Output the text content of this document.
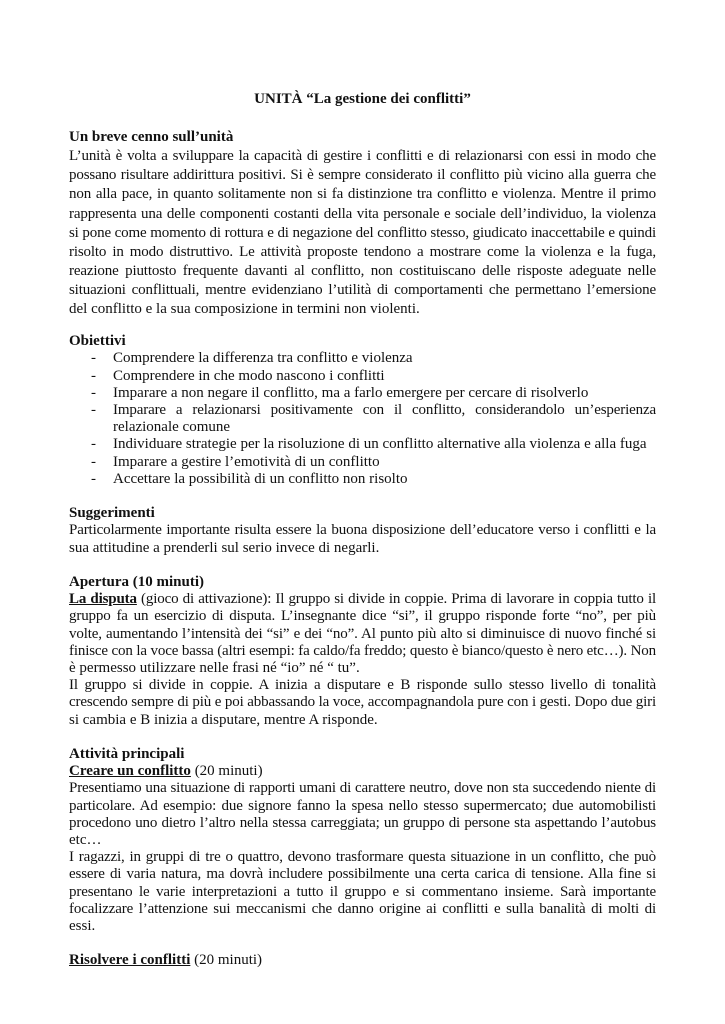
UNITÀ “La gestione dei conflitti”
Un breve cenno sull’unità
L’unità è volta a sviluppare la capacità di gestire i conflitti e di relazionarsi con essi in modo che
possano risultare addirittura positivi. Si è sempre considerato il conflitto più vicino alla guerra che
non alla pace, in quanto solitamente non si fa distinzione tra conflitto e violenza. Mentre il primo
rappresenta una delle componenti costanti della vita personale e sociale dell’individuo, la violenza
si pone come momento di rottura e di negazione del conflitto stesso, giudicato inaccettabile e quindi
risolto in modo distruttivo. Le attività proposte tendono a mostrare come la violenza e la fuga,
reazione piuttosto frequente davanti al conflitto, non costituiscano delle risposte adeguate nelle
situazioni conflittuali, mentre evidenziano l’utilità di comportamenti che permettano l’emersione
del conflitto e la sua composizione in termini non violenti.
Obiettivi
- Comprendere la differenza tra conflitto e violenza
- Comprendere in che modo nascono i conflitti
- Imparare a non negare il conflitto, ma a farlo emergere per cercare di risolverlo
- Imparare a relazionarsi positivamente con il conflitto, considerandolo un’esperienza
relazionale comune
- Individuare strategie per la risoluzione di un conflitto alternative alla violenza e alla fuga
- Imparare a gestire l’emotività di un conflitto
- Accettare la possibilità di un conflitto non risolto
Suggerimenti
Particolarmente importante risulta essere la buona disposizione dell’educatore verso i conflitti e la
sua attitudine a prenderli sul serio invece di negarli.
Apertura (10 minuti)
La disputa (gioco di attivazione): Il gruppo si divide in coppie. Prima di lavorare in coppia tutto il
gruppo fa un esercizio di disputa. L’insegnante dice “si”, il gruppo risponde forte “no”, per più
volte, aumentando l’intensità dei “si” e dei “no”. Al punto più alto si diminuisce di nuovo finché si
finisce con la voce bassa (altri esempi: fa caldo/fa freddo; questo è bianco/questo è nero etc…). Non
è permesso utilizzare nelle frasi né “io” né “ tu”.
Il gruppo si divide in coppie. A inizia a disputare e B risponde sullo stesso livello di tonalità
crescendo sempre di più e poi abbassando la voce, accompagnandola pure con i gesti. Dopo due giri
si cambia e B inizia a disputare, mentre A risponde.
Attività principali
Creare un conflitto (20 minuti)
Presentiamo una situazione di rapporti umani di carattere neutro, dove non sta succedendo niente di
particolare. Ad esempio: due signore fanno la spesa nello stesso supermercato; due automobilisti
procedono uno dietro l’altro nella stessa carreggiata; un gruppo di persone sta aspettando l’autobus
etc…
I ragazzi, in gruppi di tre o quattro, devono trasformare questa situazione in un conflitto, che può
essere di varia natura, ma dovrà includere possibilmente una certa carica di tensione. Alla fine si
presentano le varie interpretazioni a tutto il gruppo e si commentano insieme. Sarà importante
focalizzare l’attenzione sui meccanismi che danno origine ai conflitti e sulla banalità di molti di
essi.
Risolvere i conflitti (20 minuti)
